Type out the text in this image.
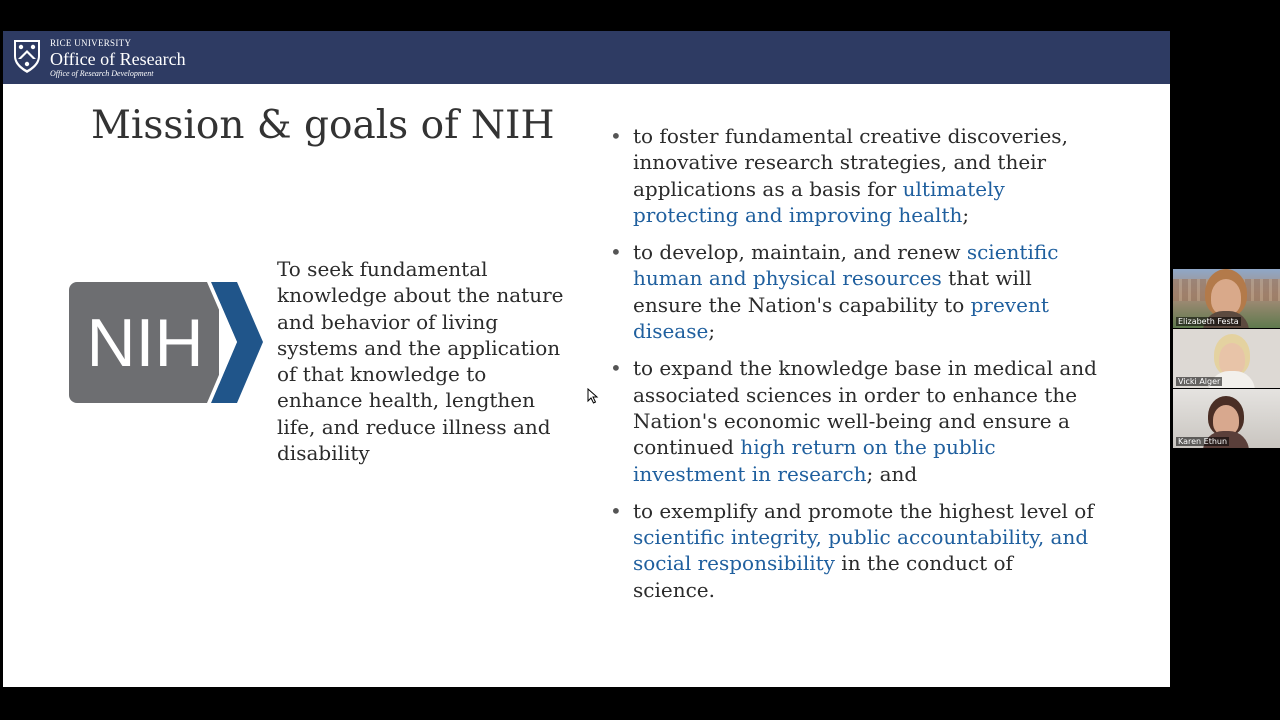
RICE UNIVERSITY
Office of Research
Office of Research Development
Mission & goals of NIH
NIH

To seek fundamental knowledge about the nature and behavior of living systems and the application of that knowledge to enhance health, lengthen life, and reduce illness and disability

• to foster fundamental creative discoveries, innovative research strategies, and their applications as a basis for ultimately protecting and improving health;
• to develop, maintain, and renew scientific human and physical resources that will ensure the Nation's capability to prevent disease;
• to expand the knowledge base in medical and associated sciences in order to enhance the Nation's economic well-being and ensure a continued high return on the public investment in research; and
• to exemplify and promote the highest level of scientific integrity, public accountability, and social responsibility in the conduct of science.
Elizabeth Festa
Vicki Alger
Karen Ethun
